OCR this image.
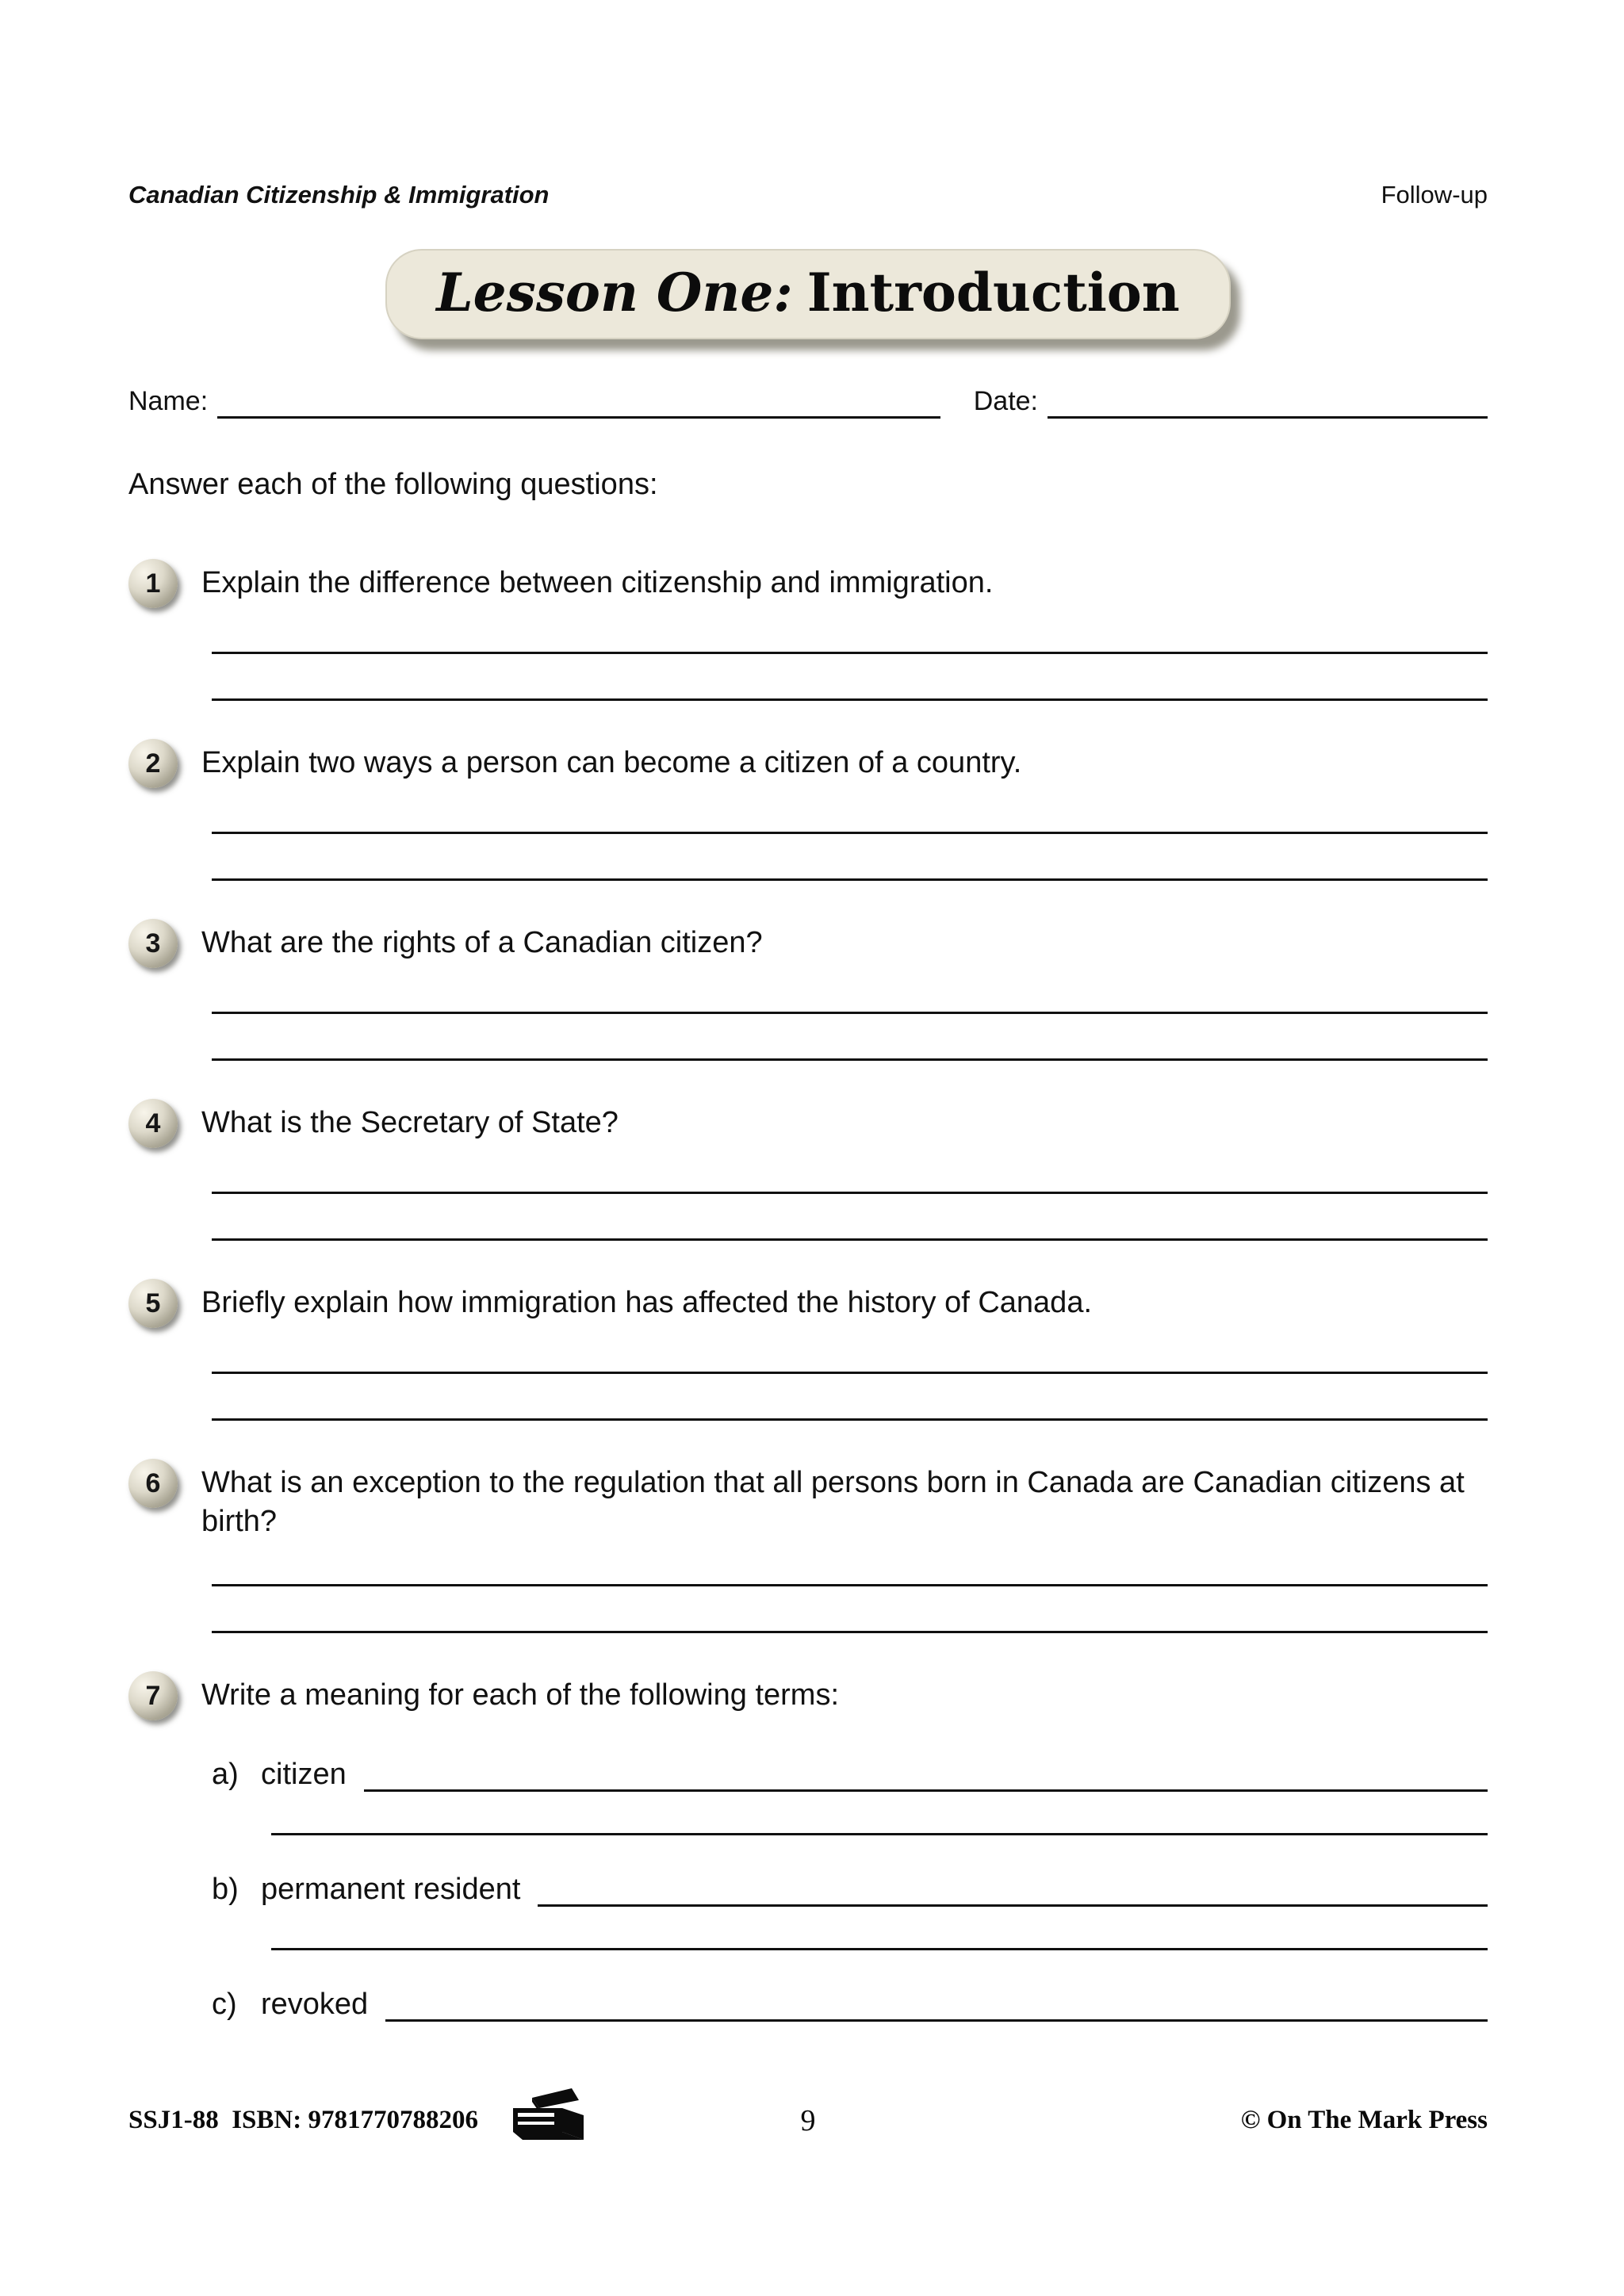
Canadian Citizenship & Immigration	Follow-up
Lesson One: Introduction
Name:	Date:
Answer each of the following questions:
1	Explain the difference between citizenship and immigration.
2	Explain two ways a person can become a citizen of a country.
3	What are the rights of a Canadian citizen?
4	What is the Secretary of State?
5	Briefly explain how immigration has affected the history of Canada.
6	What is an exception to the regulation that all persons born in Canada are Canadian citizens at birth?
7	Write a meaning for each of the following terms:
a) citizen
b) permanent resident
c) revoked
SSJ1-88  ISBN: 9781770788206	9	© On The Mark Press
